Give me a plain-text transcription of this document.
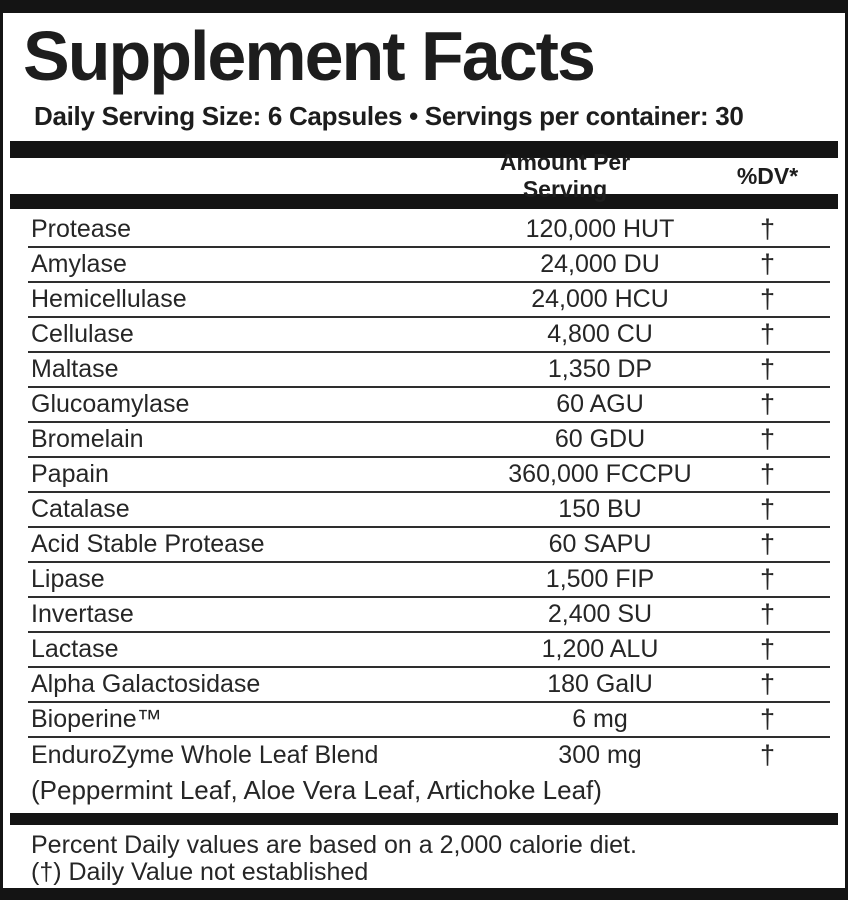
Supplement Facts
Daily Serving Size: 6 Capsules • Servings per container: 30
Amount Per Serving
%DV*
Protease	120,000 HUT	†
Amylase	24,000 DU	†
Hemicellulase	24,000 HCU	†
Cellulase	4,800 CU	†
Maltase	1,350 DP	†
Glucoamylase	60 AGU	†
Bromelain	60 GDU	†
Papain	360,000 FCCPU	†
Catalase	150 BU	†
Acid Stable Protease	60 SAPU	†
Lipase	1,500 FIP	†
Invertase	2,400 SU	†
Lactase	1,200 ALU	†
Alpha Galactosidase	180 GalU	†
Bioperine™	6 mg	†
EnduroZyme Whole Leaf Blend	300 mg	†
(Peppermint Leaf, Aloe Vera Leaf, Artichoke Leaf)
Percent Daily values are based on a 2,000 calorie diet.
(†) Daily Value not established
